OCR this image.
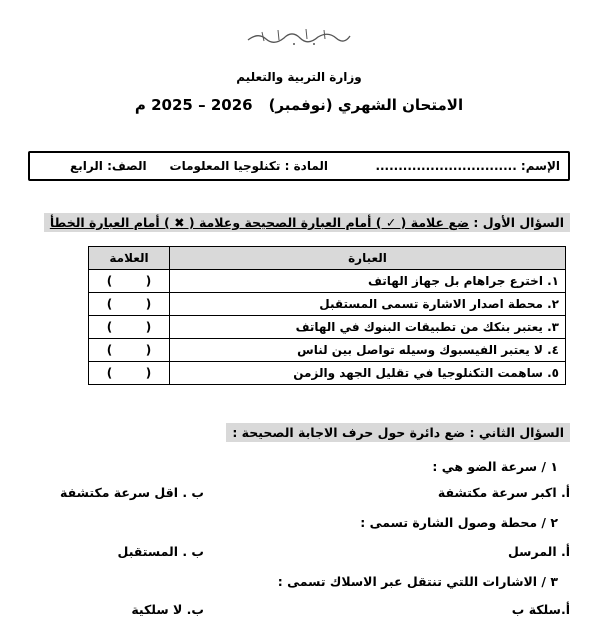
وزارة التربية والتعليم
الامتحان الشهري (نوفمبر)2026 – 2025 م
الإسم: ...............................
المادة : تكنلوجيا المعلومات
الصف: الرابع
السؤال الأول : ضع علامة ( ✓ ) أمام العبارة الصحيحة وعلامة ( ✖ ) أمام العبارة الخطأ
العبارة	العلامة
١. اخترع جراهام بل جهاز الهاتف	(        )
٢. محطة اصدار الاشارة تسمى المستقبل	(        )
٣. يعتبر بنكك من تطبيقات البنوك في الهاتف	(        )
٤. لا يعتبر الفيسبوك وسيله تواصل بين لناس	(        )
٥. ساهمت التكنلوجيا في تقليل الجهد والزمن	(        )
السؤال الثاني : ضع دائرة حول حرف الاجابة الصحيحة :
١ / سرعة الضو هي :
أ. اكبر سرعة مكتشفة
ب . اقل سرعة مكتشفة
٢ / محطة وصول الشارة تسمى :
أ. المرسل
ب . المستقبل
٣ / الاشارات اللتي تنتقل عبر الاسلاك تسمى :
أ.سلكة ب
ب. لا سلكية
